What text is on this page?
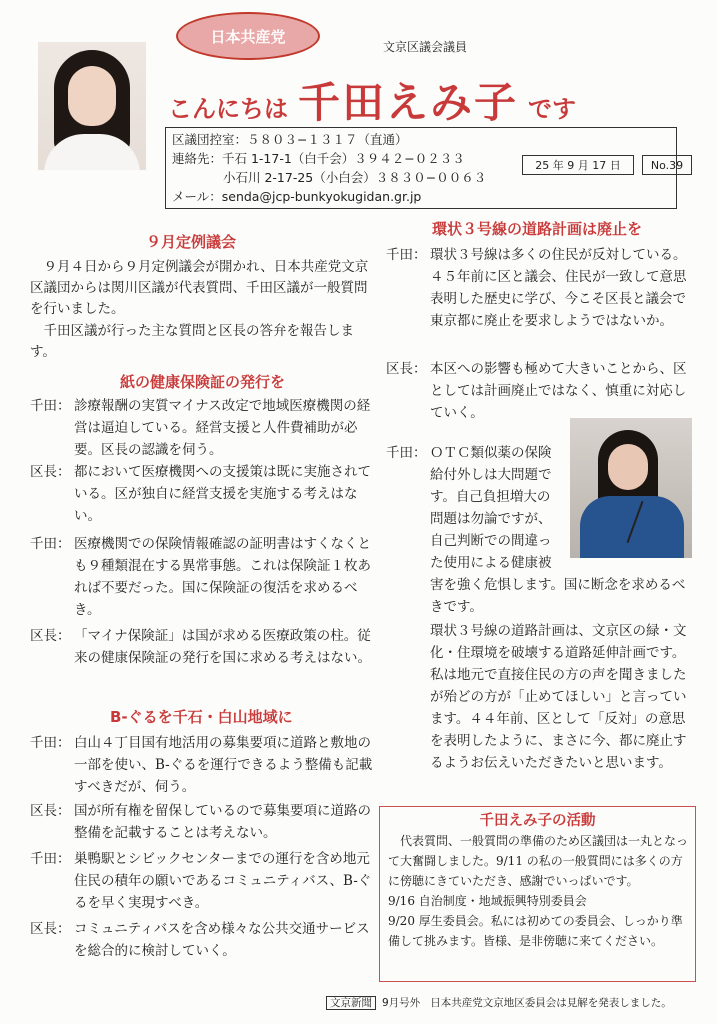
日本共産党
文京区議会議員
こんにちは 千田えみ子 です
区議団控室：５８０３−１３１７（直通）
連絡先：千石 1-17-1（白千会）３９４２−０２３３
小石川 2-17-25（小白会）３８３０−００６３
メール：senda@jcp-bunkyokugidan.gr.jp
25 年 9 月 17 日	No.39
９月定例議会
９月４日から９月定例議会が開かれ、日本共産党文京区議団からは関川区議が代表質問、千田区議が一般質問を行いました。
千田区議が行った主な質問と区長の答弁を報告します。
紙の健康保険証の発行を
千田： 診療報酬の実質マイナス改定で地域医療機関の経営は逼迫している。経営支援と人件費補助が必要。区長の認識を伺う。
区長： 都において医療機関への支援策は既に実施されている。区が独自に経営支援を実施する考えはない。
千田： 医療機関での保険情報確認の証明書はすくなくとも９種類混在する異常事態。これは保険証１枚あれば不要だった。国に保険証の復活を求めるべき。
区長： 「マイナ保険証」は国が求める医療政策の柱。従来の健康保険証の発行を国に求める考えはない。
B-ぐるを千石・白山地域に
千田： 白山４丁目国有地活用の募集要項に道路と敷地の一部を使い、B-ぐるを運行できるよう整備も記載すべきだが、伺う。
区長： 国が所有権を留保しているので募集要項に道路の整備を記載することは考えない。
千田： 巣鴨駅とシビックセンターまでの運行を含め地元住民の積年の願いであるコミュニティバス、B-ぐるを早く実現すべき。
区長： コミュニティバスを含め様々な公共交通サービスを総合的に検討していく。
環状３号線の道路計画は廃止を
千田： 環状３号線は多くの住民が反対している。４５年前に区と議会、住民が一致して意思表明した歴史に学び、今こそ区長と議会で東京都に廃止を要求しようではないか。
区長： 本区への影響も極めて大きいことから、区としては計画廃止ではなく、慎重に対応していく。
千田： ＯＴＣ類似薬の保険
給付外しは大問題で
す。自己負担増大の
問題は勿論ですが、
自己判断での間違っ
た使用による健康被
害を強く危惧します。国に断念を求めるべきです。
環状３号線の道路計画は、文京区の緑・文化・住環境を破壊する道路延伸計画です。私は地元で直接住民の方の声を聞きましたが殆どの方が「止めてほしい」と言っています。４４年前、区として「反対」の意思を表明したように、まさに今、都に廃止するようお伝えいただきたいと思います。
千田えみ子の活動
代表質問、一般質問の準備のため区議団は一丸となって大奮闘しました。9/11 の私の一般質問には多くの方に傍聴にきていただき、感謝でいっぱいです。
9/16 自治制度・地域振興特別委員会
9/20 厚生委員会。私には初めての委員会、しっかり準備して挑みます。皆様、是非傍聴に来てください。
文京新聞 9月号外 日本共産党文京地区委員会は見解を発表しました。
